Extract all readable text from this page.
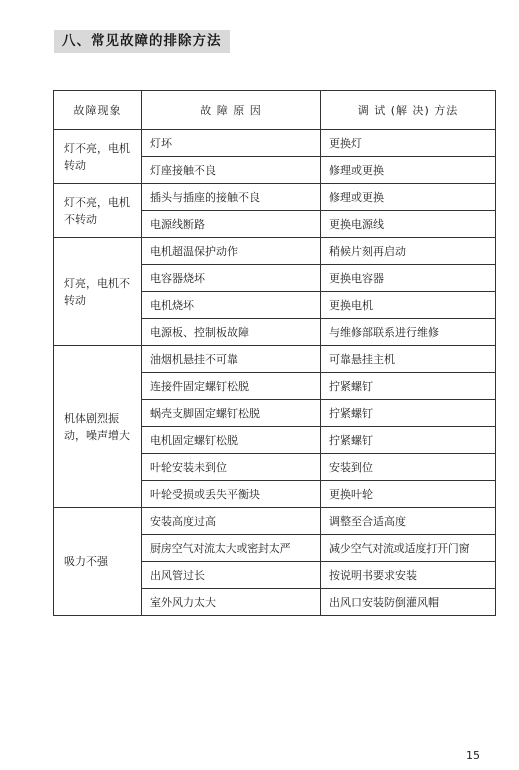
八、常见故障的排除方法
故障现象	故 障 原 因	调 试 (解 决) 方法
灯不亮，电机转动	灯坏	更换灯
	灯座接触不良	修理或更换
灯不亮，电机不转动	插头与插座的接触不良	修理或更换
	电源线断路	更换电源线
灯亮，电机不转动	电机超温保护动作	稍候片刻再启动
	电容器烧坏	更换电容器
	电机烧坏	更换电机
	电源板、控制板故障	与维修部联系进行维修
机体剧烈振动，噪声增大	油烟机悬挂不可靠	可靠悬挂主机
	连接件固定螺钉松脱	拧紧螺钉
	蜗壳支脚固定螺钉松脱	拧紧螺钉
	电机固定螺钉松脱	拧紧螺钉
	叶轮安装未到位	安装到位
	叶轮受损或丢失平衡块	更换叶轮
吸力不强	安装高度过高	调整至合适高度
	厨房空气对流太大或密封太严	减少空气对流或适度打开门窗
	出风管过长	按说明书要求安装
	室外风力太大	出风口安装防倒灌风帽
15
